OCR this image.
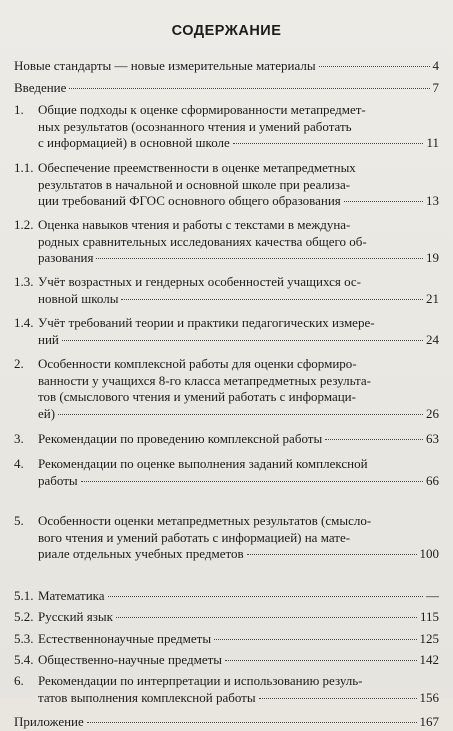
СОДЕРЖАНИЕ
Новые стандарты — новые измерительные материалы	4
Введение	7
1.	Общие подходы к оценке сформированности метапредмет-
ных результатов (осознанного чтения и умений работать
с информацией) в основной школе	11
1.1. Обеспечение преемственности в оценке метапредметных
результатов в начальной и основной школе при реализа-
ции требований ФГОС основного общего образования	13
1.2. Оценка навыков чтения и работы с текстами в междуна-
родных сравнительных исследованиях качества общего об-
разования	19
1.3. Учёт возрастных и гендерных особенностей учащихся ос-
новной школы	21
1.4. Учёт требований теории и практики педагогических измере-
ний	24
2.	Особенности комплексной работы для оценки сформиро-
ванности у учащихся 8-го класса метапредметных результа-
тов (смыслового чтения и умений работать с информаци-
ей)	26
3.	Рекомендации по проведению комплексной работы	63
4.	Рекомендации по оценке выполнения заданий комплексной
работы	66
5.	Особенности оценки метапредметных результатов (смысло-
вого чтения и умений работать с информацией) на мате-
риале отдельных учебных предметов	100
5.1. Математика	—
5.2. Русский язык	115
5.3. Естественнонаучные предметы	125
5.4. Общественно-научные предметы	142
6.	Рекомендации по интерпретации и использованию резуль-
татов выполнения комплексной работы	156
Приложение	167
